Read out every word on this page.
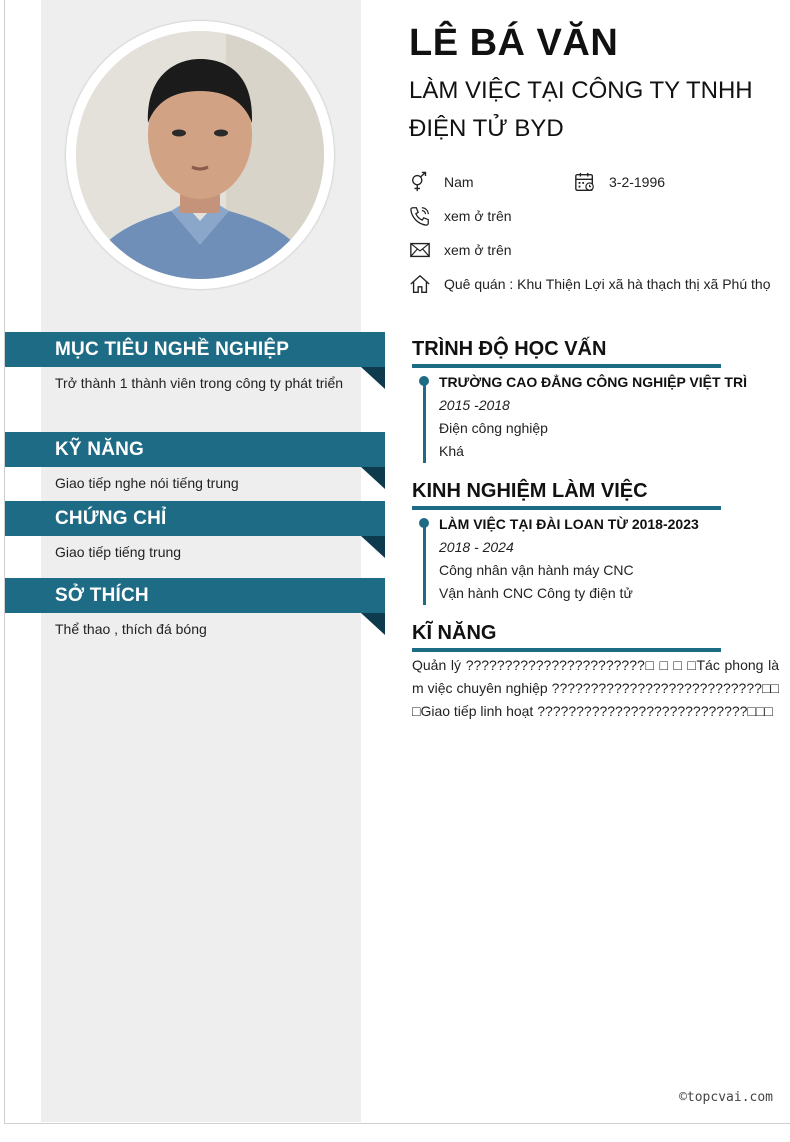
MỤC TIÊU NGHỀ NGHIỆP
Trở thành 1 thành viên trong công ty phát triển
KỸ NĂNG
Giao tiếp nghe nói tiếng trung
CHỨNG CHỈ
Giao tiếp tiếng trung
SỞ THÍCH
Thể thao , thích đá bóng
LÊ BÁ VĂN
LÀM VIỆC TẠI CÔNG TY TNHH ĐIỆN TỬ BYD
Nam	3-2-1996
xem ở trên
xem ở trên
Quê quán : Khu Thiện Lợi xã hà thạch thị xã Phú thọ
TRÌNH ĐỘ HỌC VẤN
TRƯỜNG CAO ĐẲNG CÔNG NGHIỆP VIỆT TRÌ
2015 -2018
Điện công nghiệp
Khá
KINH NGHIỆM LÀM VIỆC
LÀM VIỆC TẠI ĐÀI LOAN TỪ 2018-2023
2018 - 2024
Công nhân vận hành máy CNC
Vận hành CNC Công ty điện tử
KĨ NĂNG
Quản lý ???????????????????????□ □ □ □Tác phong làm việc chuyên nghiệp ???????????????????????????□□□Giao tiếp linh hoạt ???????????????????????????□□□
©topcvai.com
